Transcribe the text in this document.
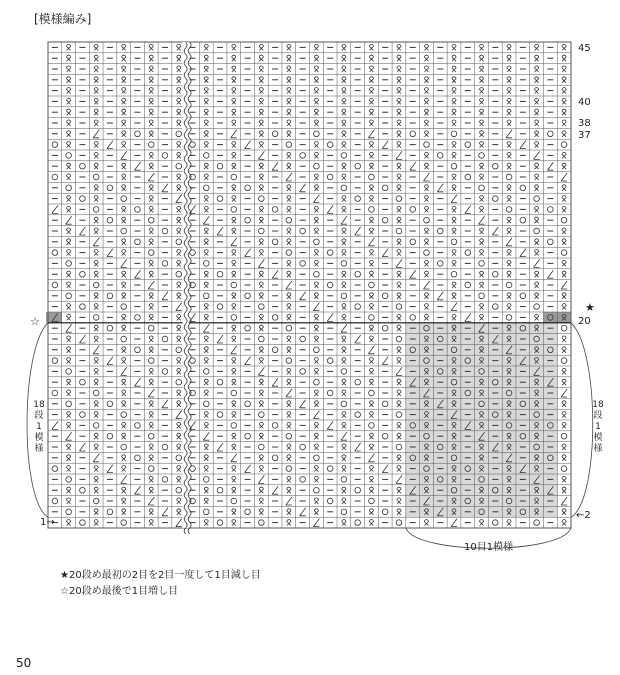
[模様編み]
45
40
38
37
20
★
☆
1→
←2
18
段
1
模
様
18
段
1
模
様
10目1模様
★20段め最初の2目を2目一度して1目減し目
☆20段め最後で1目増し目
50
